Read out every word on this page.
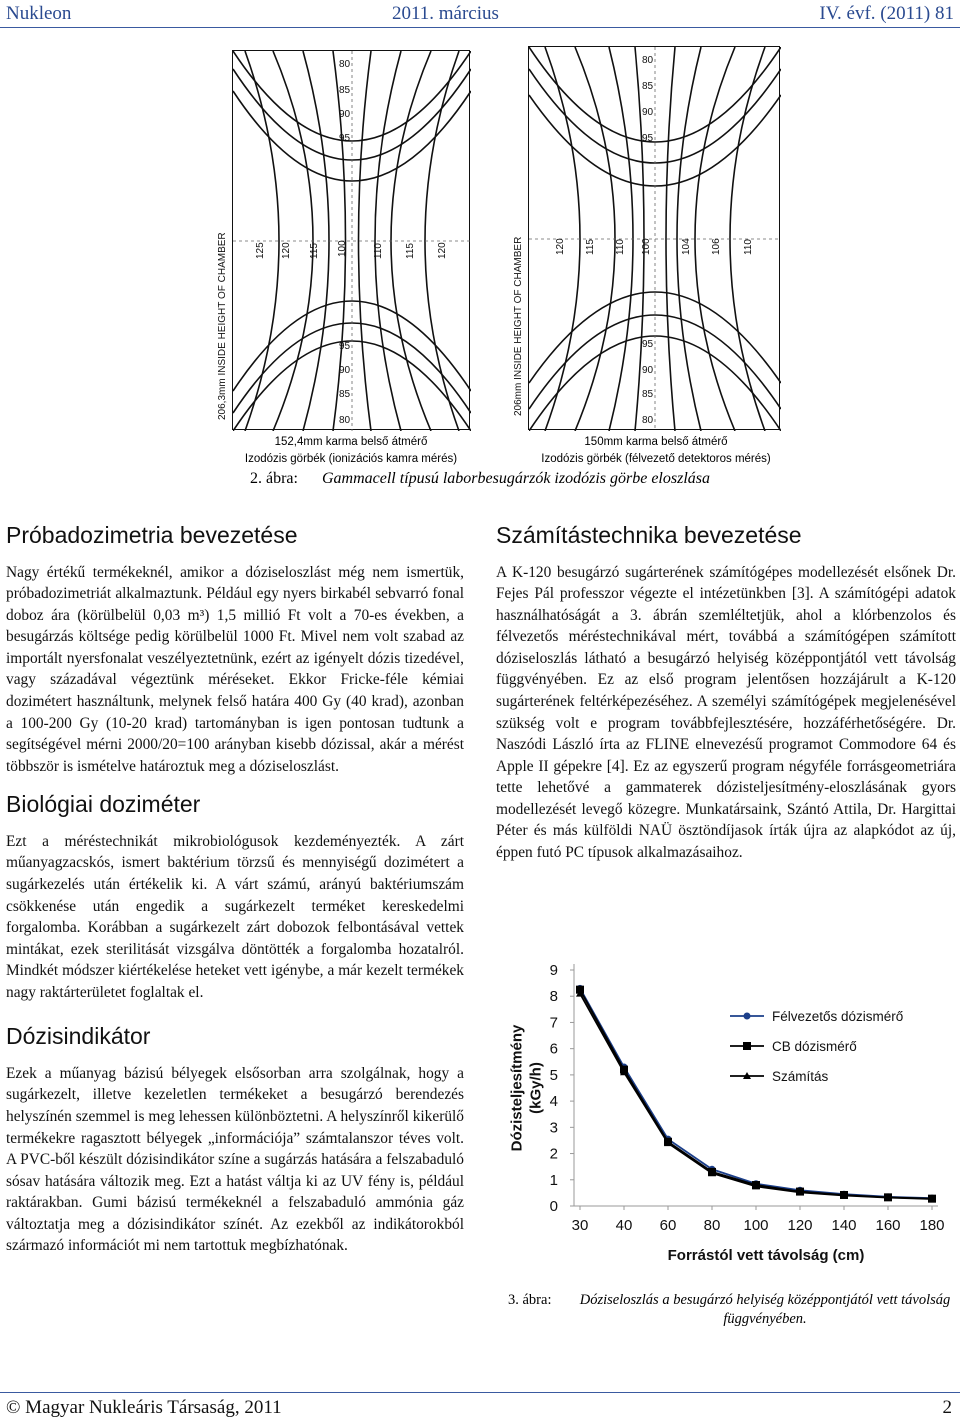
Nukleon	2011. március	IV. évf. (2011) 81
80
85
90
95
80
85
90
95
125 120 115 100	110 115 120
206,3mm INSIDE HEIGHT OF CHAMBER
80
85
90
95
80
85
90
95
120 115 110 100	104 106 110
206mm INSIDE HEIGHT OF CHAMBER
152,4mm karma belső átmérő
Izodózis görbék (ionizációs kamra mérés)
150mm karma belső átmérő
Izodózis görbék (félvezető detektoros mérés)
2. ábra: Gammacell típusú laborbesugárzók izodózis görbe eloszlása
Próbadozimetria bevezetése

Nagy értékű termékeknél, amikor a dóziseloszlást még nem ismertük, próbadozimetriát alkalmaztunk. Például egy nyers birkabél sebvarró fonal doboz ára (körülbelül 0,03 m³) 1,5 millió Ft volt a 70-es években, a besugárzás költsége pedig körülbelül 1000 Ft. Mivel nem volt szabad az importált nyersfonalat veszélyeztetnünk, ezért az igényelt dózis tizedével, vagy századával végeztünk méréseket. Ekkor Fricke-féle kémiai dozimétert használtunk, melynek felső határa 400 Gy (40 krad), azonban a 100-200 Gy (10-20 krad) tartományban is igen pontosan tudtunk a segítségével mérni 2000/20=100 arányban kisebb dózissal, akár a mérést többször is ismételve határoztuk meg a dóziseloszlást.

Biológiai doziméter

Ezt a méréstechnikát mikrobiológusok kezdeményezték. A zárt műanyagzacskós, ismert baktérium törzsű és mennyiségű dozimétert a sugárkezelés után értékelik ki. A várt számú, arányú baktériumszám csökkenése után engedik a sugárkezelt terméket kereskedelmi forgalomba. Korábban a sugárkezelt zárt dobozok felbontásával vettek mintákat, ezek sterilitását vizsgálva döntötték a forgalomba hozatalról. Mindkét módszer kiértékelése heteket vett igénybe, a már kezelt termékek nagy raktárterületet foglaltak el.

Dózisindikátor

Ezek a műanyag bázisú bélyegek elsősorban arra szolgálnak, hogy a sugárkezelt, illetve kezeletlen termékeket a besugárzó berendezés helyszínén szemmel is meg lehessen különböztetni. A helyszínről kikerülő termékekre ragasztott bélyegek „információja” számtalanszor téves volt. A PVC-ből készült dózisindikátor színe a sugárzás hatására a felszabaduló sósav hatására változik meg. Ezt a hatást váltja ki az UV fény is, például raktárakban. Gumi bázisú termékeknél a felszabaduló ammónia gáz változtatja meg a dózisindikátor színét. Az ezekből az indikátorokból származó információt mi nem tartottuk megbízhatónak.

Számítástechnika bevezetése

A K-120 besugárzó sugárterének számítógépes modellezését elsőnek Dr. Fejes Pál professzor végezte el intézetünkben [3]. A számítógépi adatok használhatóságát a 3. ábrán szemléltetjük, ahol a klórbenzolos és félvezetős méréstechnikával mért, továbbá a számítógépen számított dóziseloszlás látható a besugárzó helyiség középpontjától vett távolság függvényében. Ez az első program jelentősen hozzájárult a K-120 sugárterének feltérképezéséhez. A személyi számítógépek megjelenésével szükség volt e program továbbfejlesztésére, hozzáférhetőségére. Dr. Naszódi László írta az FLINE elnevezésű programot Commodore 64 és Apple II gépekre [4]. Ez az egyszerű program négyféle forrásgeometriára tette lehetővé a gammaterek dózisteljesítmény-eloszlásának gyors modellezését levegő közegre. Munkatársaink, Szántó Attila, Dr. Hargittai Péter és más külföldi NAÜ ösztöndíjasok írták újra az alapkódot az új, éppen futó PC típusok alkalmazásaihoz.

0
1
2
3
4
5
6
7
8
9
30 40 60 80 100 120 140 160 180
Forrástól vett távolság (cm)
Dózisteljesítmény (kGy/h)
Félvezetős dózismérő
CB dózismérő
Számítás
3. ábra:	Dóziseloszlás a besugárzó helyiség középpontjától vett távolság függvényében.
© Magyar Nukleáris Társaság, 2011	2
